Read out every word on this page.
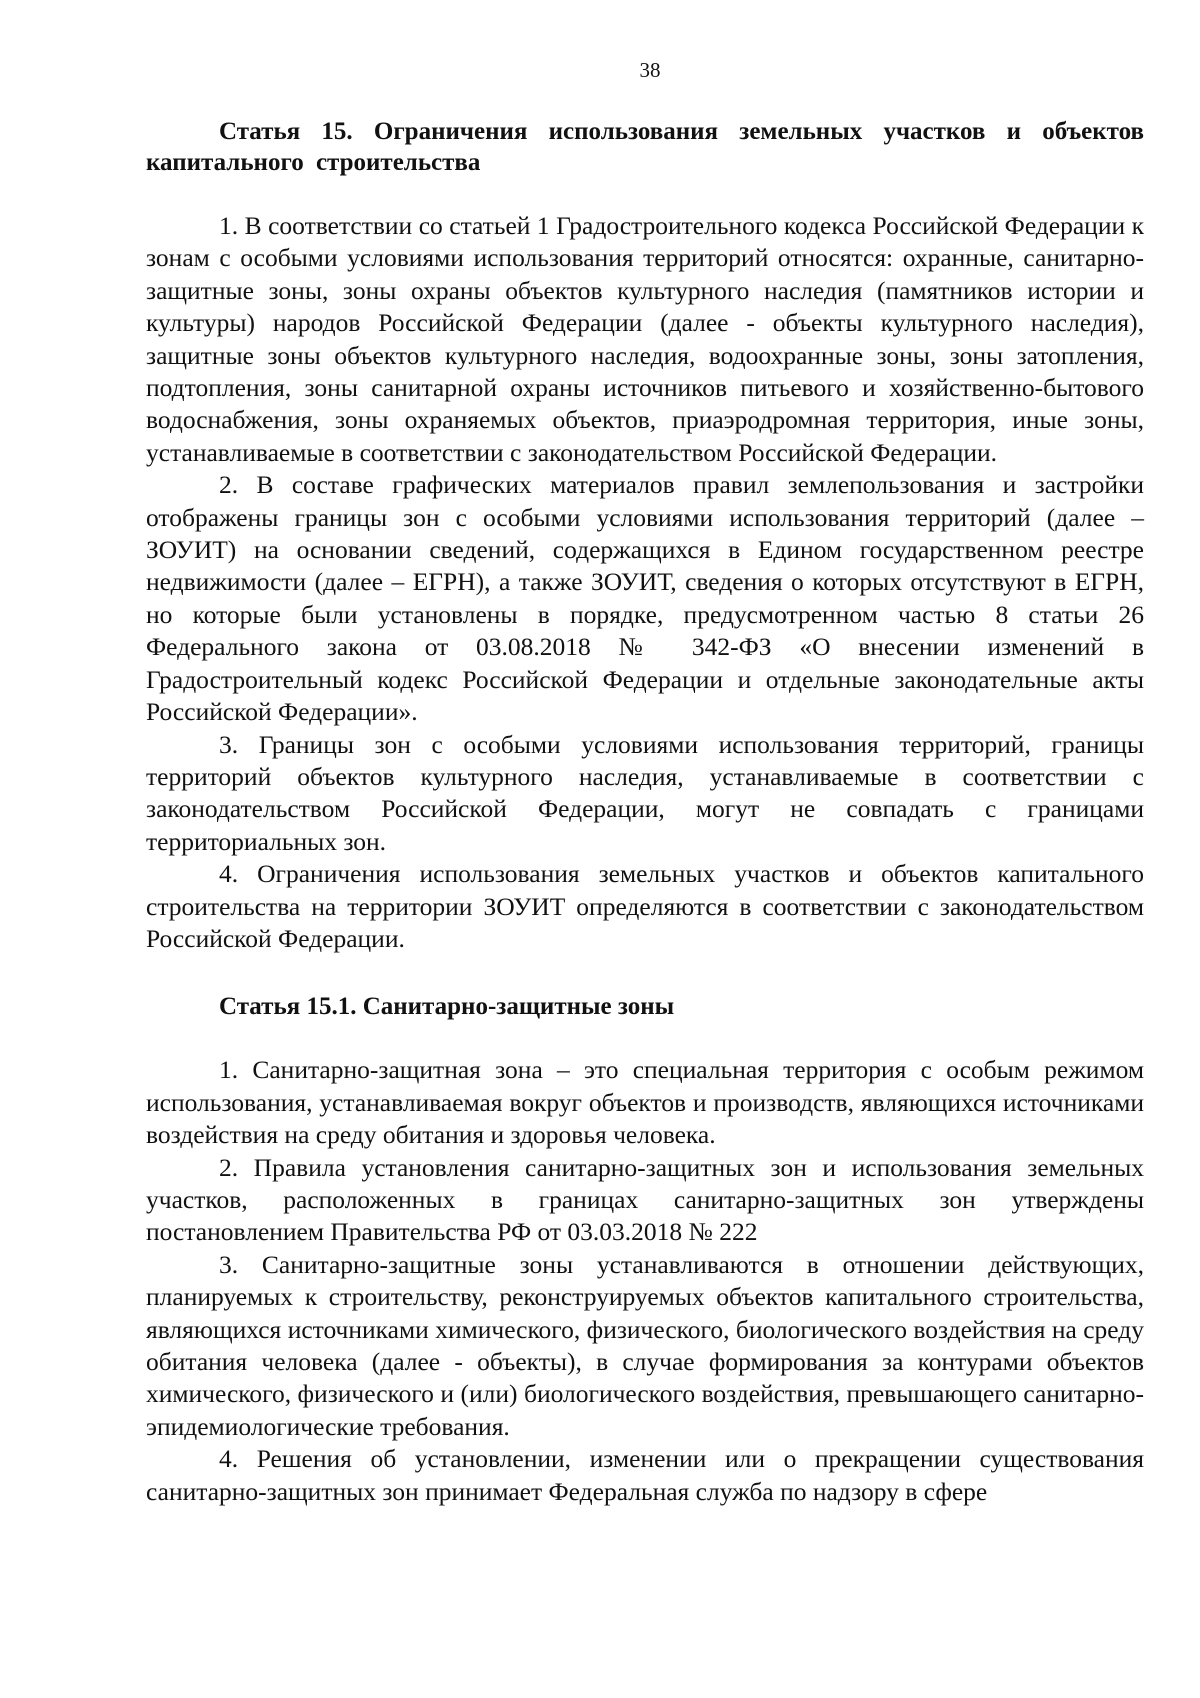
38
Статья 15. Ограничения использования земельных участков и объектов капитального строительства

1. В соответствии со статьей 1 Градостроительного кодекса Российской Федерации к зонам с особыми условиями использования территорий относятся: охранные, санитарно-защитные зоны, зоны охраны объектов культурного наследия (памятников истории и культуры) народов Российской Федерации (далее - объекты культурного наследия), защитные зоны объектов культурного наследия, водоохранные зоны, зоны затопления, подтопления, зоны санитарной охраны источников питьевого и хозяйственно-бытового водоснабжения, зоны охраняемых объектов, приаэродромная территория, иные зоны, устанавливаемые в соответствии с законодательством Российской Федерации.

2. В составе графических материалов правил землепользования и застройки отображены границы зон с особыми условиями использования территорий (далее – ЗОУИТ) на основании сведений, содержащихся в Едином государственном реестре недвижимости (далее – ЕГРН), а также ЗОУИТ, сведения о которых отсутствуют в ЕГРН, но которые были установлены в порядке, предусмотренном частью 8 статьи 26 Федерального закона от 03.08.2018 № 342-ФЗ «О внесении изменений в Градостроительный кодекс Российской Федерации и отдельные законодательные акты Российской Федерации».

3. Границы зон с особыми условиями использования территорий, границы территорий объектов культурного наследия, устанавливаемые в соответствии с законодательством Российской Федерации, могут не совпадать с границами территориальных зон.

4. Ограничения использования земельных участков и объектов капитального строительства на территории ЗОУИТ определяются в соответствии с законодательством Российской Федерации.

Статья 15.1. Санитарно-защитные зоны

1. Санитарно-защитная зона – это специальная территория с особым режимом использования, устанавливаемая вокруг объектов и производств, являющихся источниками воздействия на среду обитания и здоровья человека.

2. Правила установления санитарно-защитных зон и использования земельных участков, расположенных в границах санитарно-защитных зон утверждены постановлением Правительства РФ от 03.03.2018 № 222

3. Санитарно-защитные зоны устанавливаются в отношении действующих, планируемых к строительству, реконструируемых объектов капитального строительства, являющихся источниками химического, физического, биологического воздействия на среду обитания человека (далее - объекты), в случае формирования за контурами объектов химического, физического и (или) биологического воздействия, превышающего санитарно-эпидемиологические требования.

4. Решения об установлении, изменении или о прекращении существования санитарно-защитных зон принимает Федеральная служба по надзору в сфере
